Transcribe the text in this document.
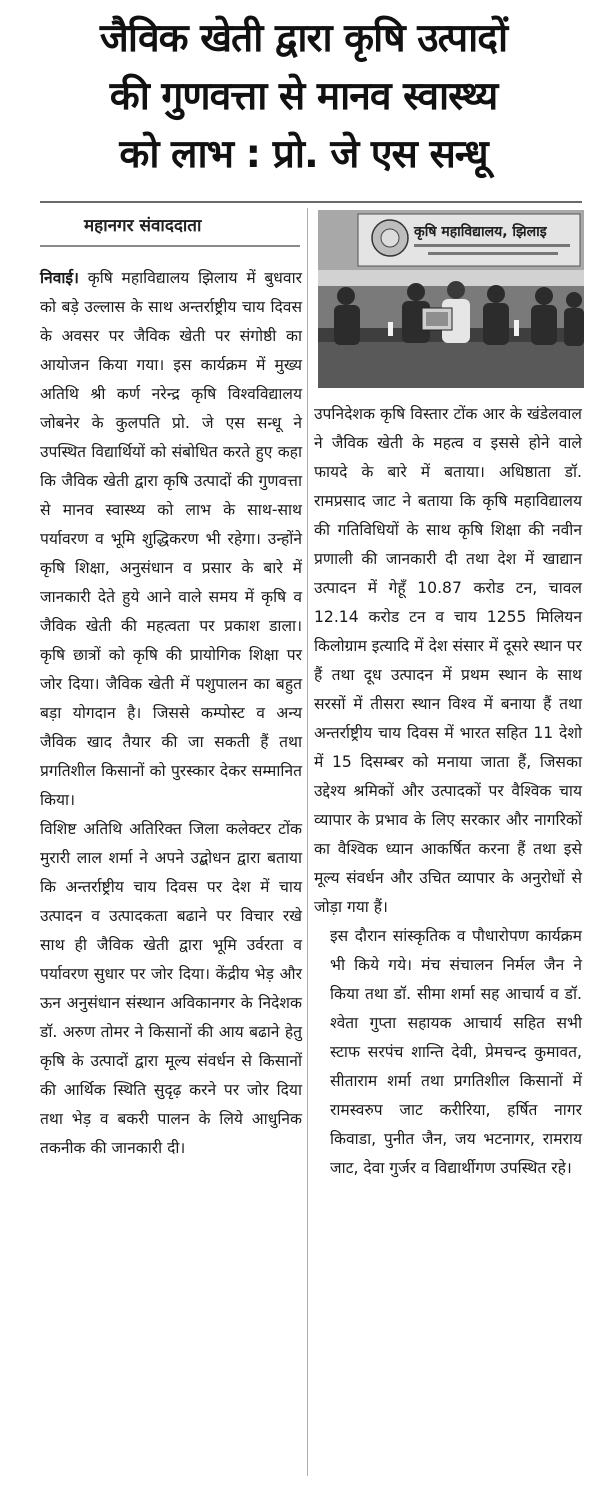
जैविक खेती द्वारा कृषि उत्पादों
की गुणवत्ता से मानव स्वास्थ्य
को लाभ : प्रो. जे एस सन्धू
महानगर संवाददाता	कृषि महाविद्यालय, झिलाइ

निवाई। कृषि महाविद्यालय झिलाय में बुधवार को बड़े उल्लास के साथ अन्तर्राष्ट्रीय चाय दिवस के अवसर पर जैविक खेती पर संगोष्ठी का आयोजन किया गया। इस कार्यक्रम में मुख्य अतिथि श्री कर्ण नरेन्द्र कृषि विश्वविद्यालय जोबनेर के कुलपति प्रो. जे एस सन्धू ने उपस्थित विद्यार्थियों को संबोधित करते हुए कहा कि जैविक खेती द्वारा कृषि उत्पादों की गुणवत्ता से मानव स्वास्थ्य को लाभ के साथ-साथ पर्यावरण व भूमि शुद्धिकरण भी रहेगा। उन्होंने कृषि शिक्षा, अनुसंधान व प्रसार के बारे में जानकारी देते हुये आने वाले समय में कृषि व जैविक खेती की महत्वता पर प्रकाश डाला। कृषि छात्रों को कृषि की प्रायोगिक शिक्षा पर जोर दिया। जैविक खेती में पशुपालन का बहुत बड़ा योगदान है। जिससे कम्पोस्ट व अन्य जैविक खाद तैयार की जा सकती हैं तथा प्रगतिशील किसानों को पुरस्कार देकर सम्मानित किया।

विशिष्ट अतिथि अतिरिक्त जिला कलेक्टर टोंक मुरारी लाल शर्मा ने अपने उद्बोधन द्वारा बताया कि अन्तर्राष्ट्रीय चाय दिवस पर देश में चाय उत्पादन व उत्पादकता बढाने पर विचार रखे साथ ही जैविक खेती द्वारा भूमि उर्वरता व पर्यावरण सुधार पर जोर दिया। केंद्रीय भेड़ और ऊन अनुसंधान संस्थान अविकानगर के निदेशक डॉ. अरुण तोमर ने किसानों की आय बढाने हेतु कृषि के उत्पादों द्वारा मूल्य संवर्धन से किसानों की आर्थिक स्थिति सुदृढ़ करने पर जोर दिया तथा भेड़ व बकरी पालन के लिये आधुनिक तकनीक की जानकारी दी।

उपनिदेशक कृषि विस्तार टोंक आर के खंडेलवाल ने जैविक खेती के महत्व व इससे होने वाले फायदे के बारे में बताया। अधिष्ठाता डॉ. रामप्रसाद जाट ने बताया कि कृषि महाविद्यालय की गतिविधियों के साथ कृषि शिक्षा की नवीन प्रणाली की जानकारी दी तथा देश में खाद्यान उत्पादन में गेहूँ 10.87 करोड टन, चावल 12.14 करोड टन व चाय 1255 मिलियन किलोग्राम इत्यादि में देश संसार में दूसरे स्थान पर हैं तथा दूध उत्पादन में प्रथम स्थान के साथ सरसों में तीसरा स्थान विश्व में बनाया हैं तथा अन्तर्राष्ट्रीय चाय दिवस में भारत सहित 11 देशो में 15 दिसम्बर को मनाया जाता हैं, जिसका उद्देश्य श्रमिकों और उत्पादकों पर वैश्विक चाय व्यापार के प्रभाव के लिए सरकार और नागरिकों का वैश्विक ध्यान आकर्षित करना हैं तथा इसे मूल्य संवर्धन और उचित व्यापार के अनुरोधों से जोड़ा गया हैं।

इस दौरान सांस्कृतिक व पौधारोपण कार्यक्रम भी किये गये। मंच संचालन निर्मल जैन ने किया तथा डॉ. सीमा शर्मा सह आचार्य व डॉ. श्वेता गुप्ता सहायक आचार्य सहित सभी स्टाफ सरपंच शान्ति देवी, प्रेमचन्द कुमावत, सीताराम शर्मा तथा प्रगतिशील किसानों में रामस्वरुप जाट करीरिया, हर्षित नागर किवाडा, पुनीत जैन, जय भटनागर, रामराय जाट, देवा गुर्जर व विद्यार्थीगण उपस्थित रहे।
